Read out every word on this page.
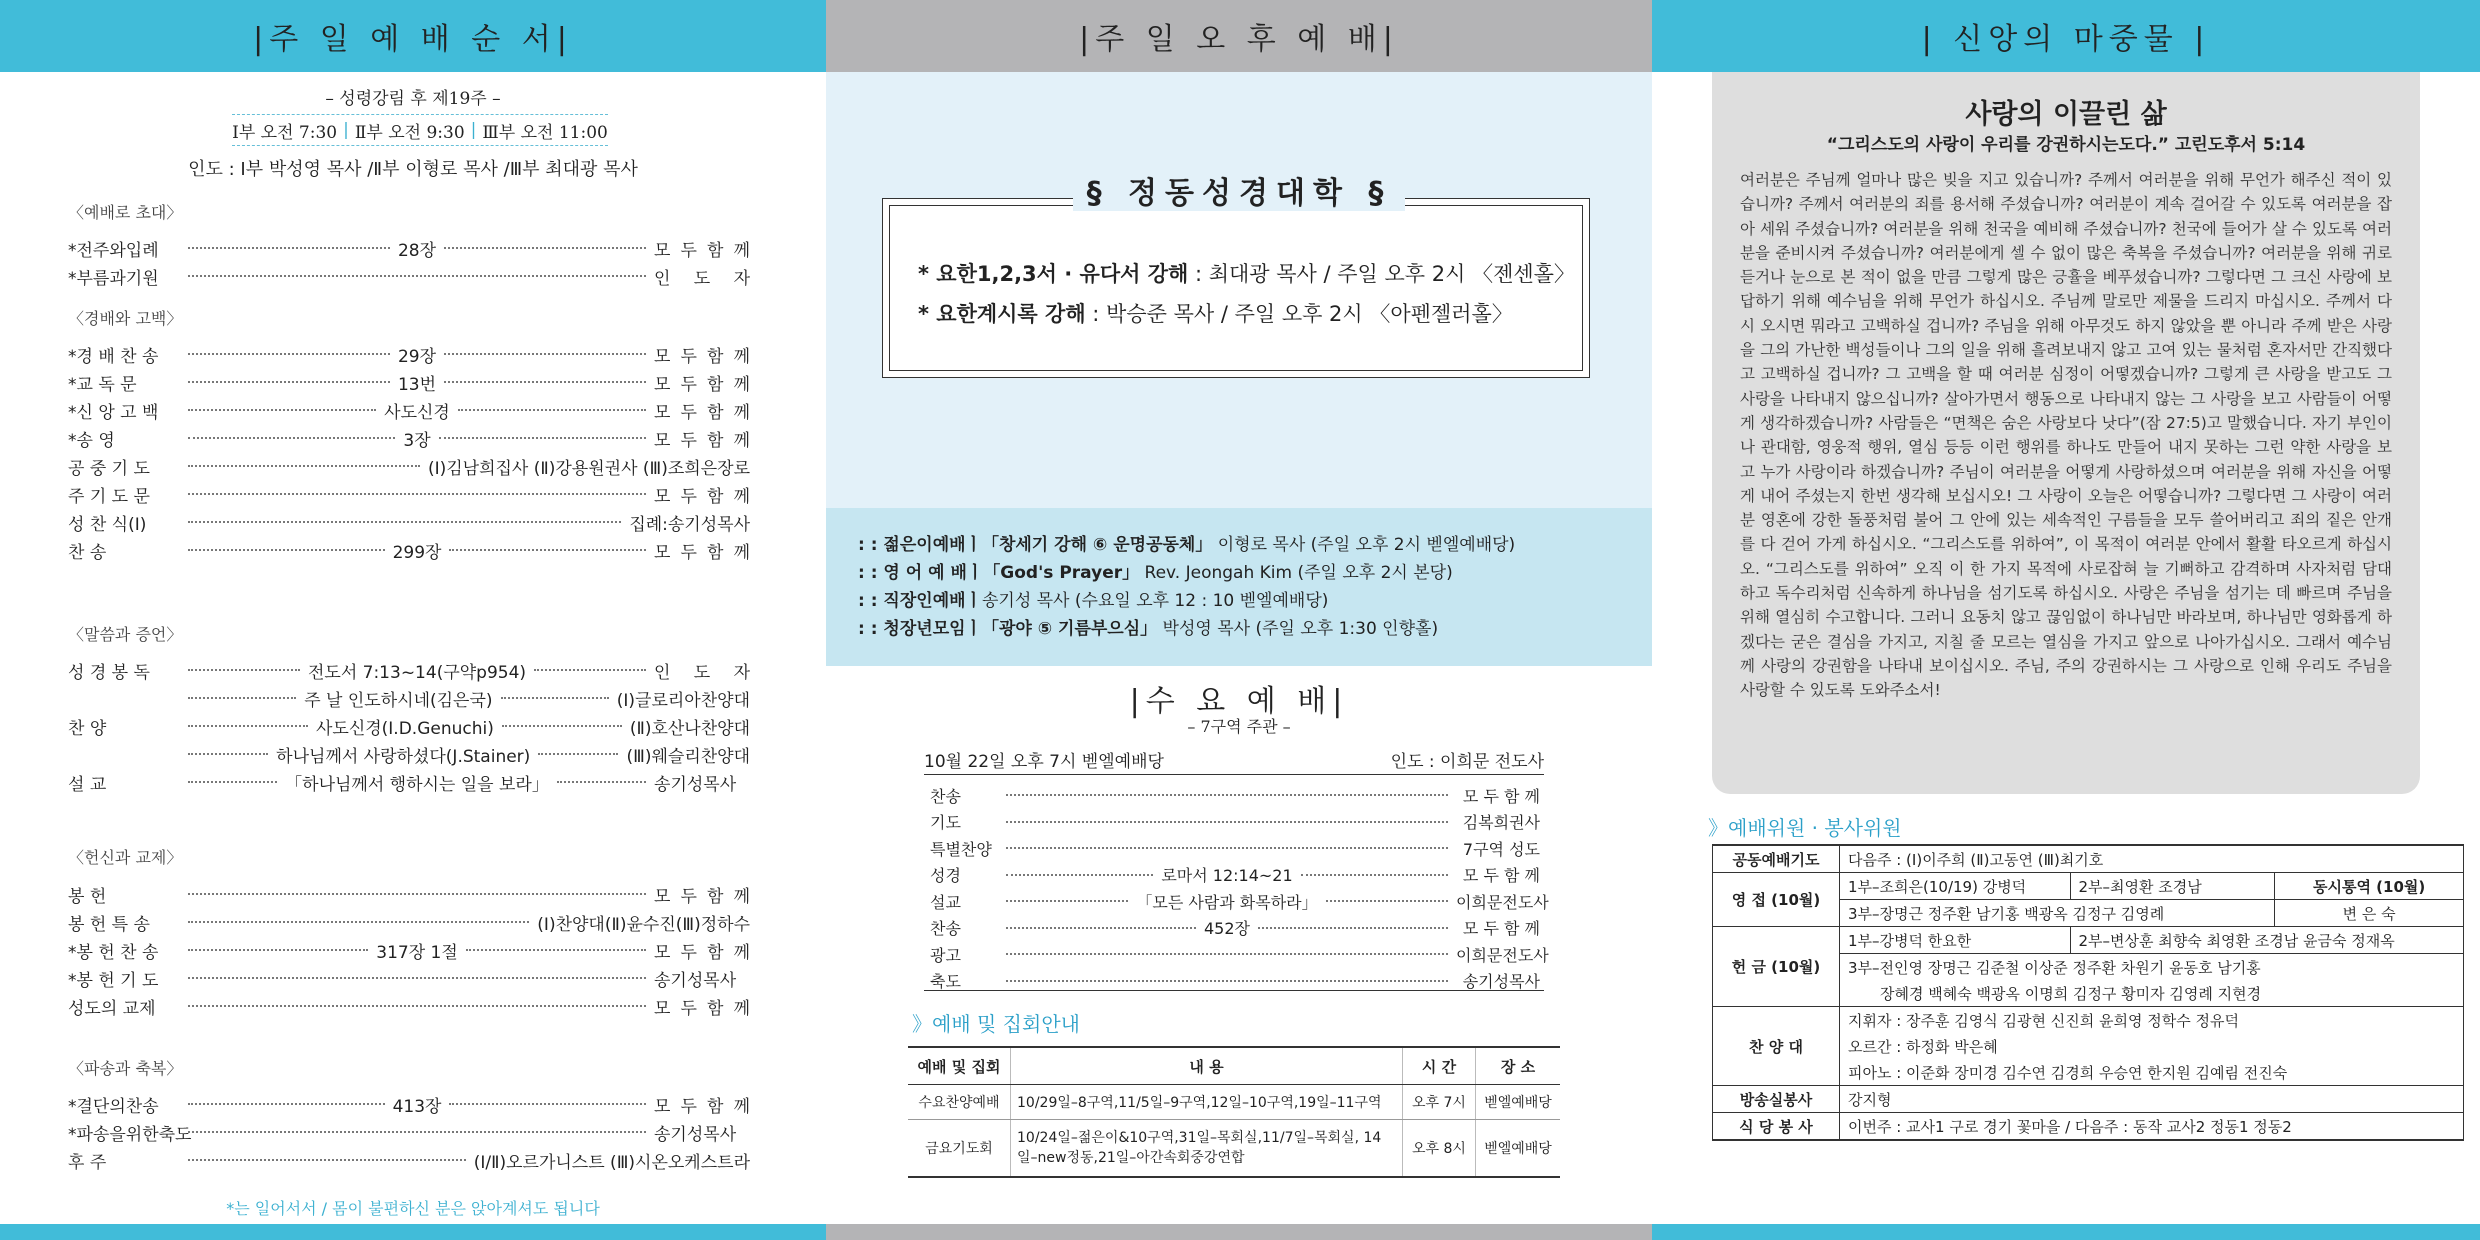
|주 일 예 배 순 서|
– 성령강림 후 제19주 –
Ⅰ부 오전 7:30 | Ⅱ부 오전 9:30 | Ⅲ부 오전 11:00
인도 : Ⅰ부 박성영 목사 /Ⅱ부 이형로 목사 /Ⅲ부 최대광 목사
〈예배로 초대〉
*전주와입례	28장	모 두 함 께
*부름과기원	인 도 자
*경 배 찬 송	29장	모 두 함 께
*교 독 문	13번	모 두 함 께
*신 앙 고 백	사도신경	모 두 함 께
*송 영	3장	모 두 함 께
공 중 기 도	(Ⅰ)김남희집사 (Ⅱ)강용원권사 (Ⅲ)조희은장로
주 기 도 문	모 두 함 께
성 찬 식(Ⅰ)	집례:송기성목사
찬 송	299장	모 두 함 께
성 경 봉 독	전도서 7:13~14(구약p954)	인 도 자
주 날 인도하시네(김은국)	(Ⅰ)글로리아찬양대
찬 양	사도신경(I.D.Genuchi)	(Ⅱ)호산나찬양대
하나님께서 사랑하셨다(J.Stainer)	(Ⅲ)웨슬리찬양대
설 교	「하나님께서 행하시는 일을 보라」	송기성목사
봉 헌	모 두 함 께
봉 헌 특 송	(Ⅰ)찬양대(Ⅱ)윤수진(Ⅲ)정하수
*봉 헌 찬 송	317장 1절	모 두 함 께
*봉 헌 기 도	송기성목사
성도의 교제	모 두 함 께
*결단의찬송	413장	모 두 함 께
*파송을위한축도	송기성목사
후 주	(Ⅰ/Ⅱ)오르가니스트 (Ⅲ)시온오케스트라
〈경배와 고백〉
〈말씀과 증언〉
〈헌신과 교제〉
〈파송과 축복〉
*는 일어서서 / 몸이 불편하신 분은 앉아계셔도 됩니다
|주 일 오 후 예 배|
§ 정동성경대학 §
* 요한1,2,3서 · 유다서 강해 : 최대광 목사 / 주일 오후 2시 〈젠센홀〉
* 요한계시록 강해 : 박승준 목사 / 주일 오후 2시 〈아펜젤러홀〉
: : 젊은이예배ㅣ「창세기 강해 ⑥ 운명공동체」 이형로 목사 (주일 오후 2시 벧엘예배당)
: : 영 어 예 배ㅣ「God's Prayer」 Rev. Jeongah Kim (주일 오후 2시 본당)
: : 직장인예배ㅣ송기성 목사 (수요일 오후 12 : 10 벧엘예배당)
: : 청장년모임ㅣ「광야 ⑤ 기름부으심」 박성영 목사 (주일 오후 1:30 인향홀)
|수 요 예 배|
– 7구역 주관 –
10월 22일 오후 7시 벧엘예배당	인도 : 이희문 전도사
찬송	모 두 함 께
기도	김복희권사
특별찬양	7구역 성도
성경	로마서 12:14~21	모 두 함 께
설교	「모든 사람과 화목하라」	이희문전도사
찬송	452장	모 두 함 께
광고	이희문전도사
축도	송기성목사
》예배 및 집회안내
예배 및 집회	내 용	시 간	장 소
수요찬양예배	10/29일–8구역,11/5일–9구역,12일–10구역,19일–11구역	오후 7시	벧엘예배당
금요기도회	10/24일–젊은이&10구역,31일–목회실,11/7일–목회실, 14일–new정동,21일–아간속회중강연합	오후 8시	벧엘예배당
| 신앙의 마중물 |
사랑의 이끌린 삶
“그리스도의 사랑이 우리를 강권하시는도다.” 고린도후서 5:14
여러분은 주님께 얼마나 많은 빚을 지고 있습니까? 주께서 여러분을 위해 무언가 해주신 적이 있습니까? 주께서 여러분의 죄를 용서해 주셨습니까? 여러분이 계속 걸어갈 수 있도록 여러분을 잡아 세워 주셨습니까? 여러분을 위해 천국을 예비해 주셨습니까? 천국에 들어가 살 수 있도록 여러분을 준비시켜 주셨습니까? 여러분에게 셀 수 없이 많은 축복을 주셨습니까? 여러분을 위해 귀로 듣거나 눈으로 본 적이 없을 만큼 그렇게 많은 긍휼을 베푸셨습니까? 그렇다면 그 크신 사랑에 보답하기 위해 예수님을 위해 무언가 하십시오. 주님께 말로만 제물을 드리지 마십시오. 주께서 다시 오시면 뭐라고 고백하실 겁니까? 주님을 위해 아무것도 하지 않았을 뿐 아니라 주께 받은 사랑을 그의 가난한 백성들이나 그의 일을 위해 흘려보내지 않고 고여 있는 물처럼 혼자서만 간직했다고 고백하실 겁니까? 그 고백을 할 때 여러분 심정이 어떻겠습니까? 그렇게 큰 사랑을 받고도 그 사랑을 나타내지 않으십니까? 살아가면서 행동으로 나타내지 않는 그 사랑을 보고 사람들이 어떻게 생각하겠습니까? 사람들은 “면책은 숨은 사랑보다 낫다”(잠 27:5)고 말했습니다. 자기 부인이나 관대함, 영웅적 행위, 열심 등등 이런 행위를 하나도 만들어 내지 못하는 그런 약한 사랑을 보고 누가 사랑이라 하겠습니까? 주님이 여러분을 어떻게 사랑하셨으며 여러분을 위해 자신을 어떻게 내어 주셨는지 한번 생각해 보십시오! 그 사랑이 오늘은 어떻습니까? 그렇다면 그 사랑이 여러분 영혼에 강한 돌풍처럼 불어 그 안에 있는 세속적인 구름들을 모두 쓸어버리고 죄의 짙은 안개를 다 걷어 가게 하십시오. “그리스도를 위하여”, 이 목적이 여러분 안에서 활활 타오르게 하십시오. “그리스도를 위하여” 오직 이 한 가지 목적에 사로잡혀 늘 기뻐하고 감격하며 사자처럼 담대하고 독수리처럼 신속하게 하나님을 섬기도록 하십시오. 사랑은 주님을 섬기는 데 빠르며 주님을 위해 열심히 수고합니다. 그러니 요동치 않고 끊임없이 하나님만 바라보며, 하나님만 영화롭게 하겠다는 굳은 결심을 가지고, 지칠 줄 모르는 열심을 가지고 앞으로 나아가십시오. 그래서 예수님께 사랑의 강권함을 나타내 보이십시오. 주님, 주의 강권하시는 그 사랑으로 인해 우리도 주님을 사랑할 수 있도록 도와주소서!
》예배위원 · 봉사위원
공동예배기도	다음주 : (Ⅰ)이주희 (Ⅱ)고동연 (Ⅲ)최기호		
영 접 (10월)	1부–조희은(10/19) 강병덕	2부–최영환 조경남	동시통역 (10월)
	3부–장명근 정주환 남기홍 백광옥 김정구 김영례		변 은 숙
헌 금 (10월)	1부–강병덕 한요한	2부–변상훈 최향숙 최영환 조경남 윤금숙 정재옥	
	3부–전인영 장명근 김준철 이상준 정주환 차원기 윤동호 남기홍		
	장혜경 백혜숙 백광옥 이명희 김정구 황미자 김영례 지현경		
찬 양 대	지휘자 : 장주훈 김영식 김광현 신진희 윤희영 정학수 정유덕		
	오르간 : 하정화 박은혜		
	피아노 : 이준화 장미경 김수연 김경희 우승연 한지원 김예림 전진숙		
방송실봉사	강지형		
식 당 봉 사	이번주 : 교사1 구로 경기 꽃마을 / 다음주 : 동작 교사2 정동1 정동2		
